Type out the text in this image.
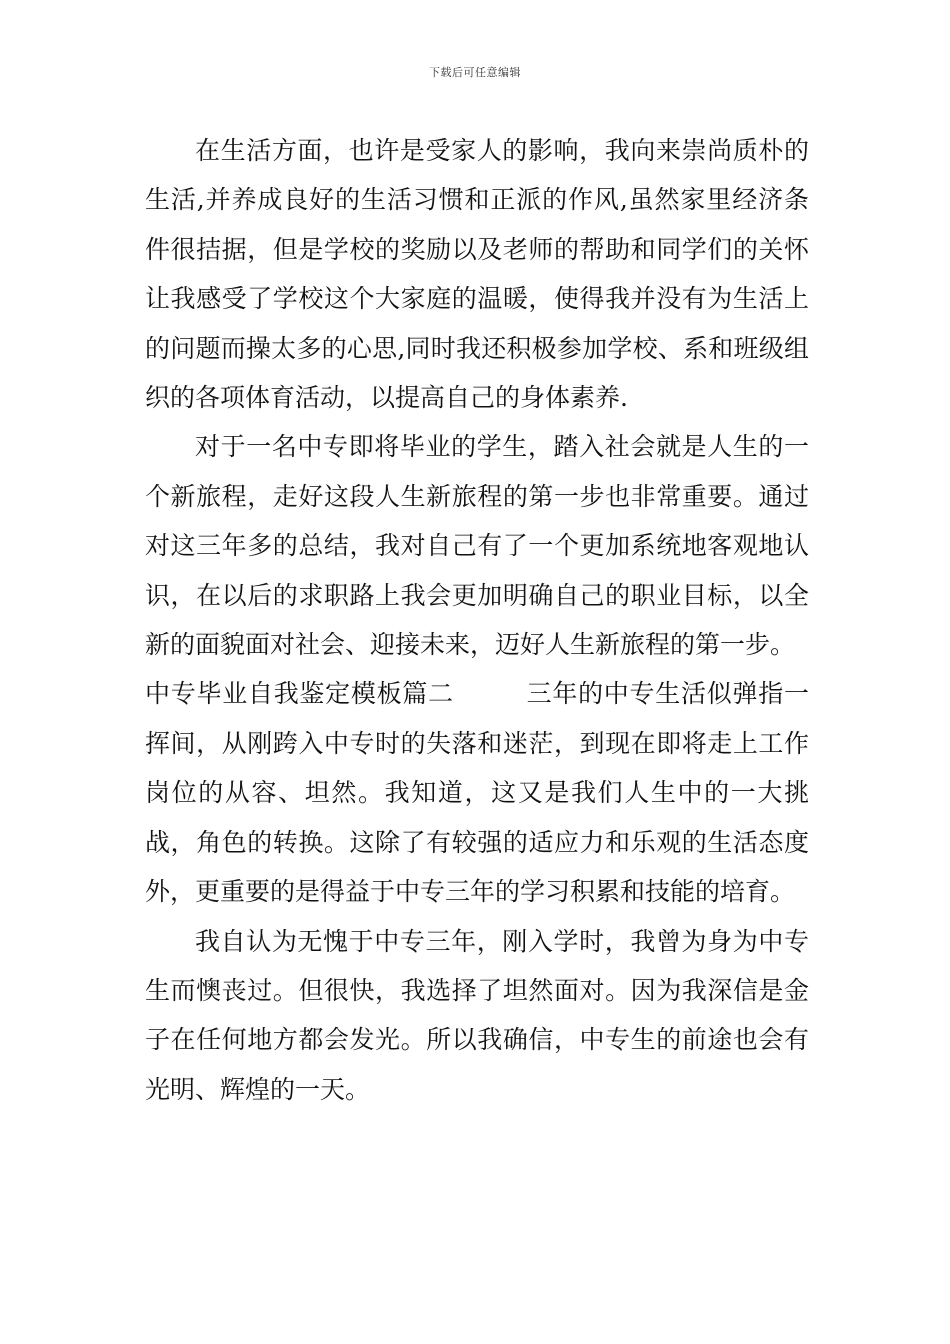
下载后可任意编辑

在生活方面，也许是受家人的影响，我向来崇尚质朴的生活,并养成良好的生活习惯和正派的作风,虽然家里经济条件很拮据，但是学校的奖励以及老师的帮助和同学们的关怀让我感受了学校这个大家庭的温暖，使得我并没有为生活上的问题而操太多的心思,同时我还积极参加学校、系和班级组织的各项体育活动，以提高自己的身体素养.

对于一名中专即将毕业的学生，踏入社会就是人生的一个新旅程，走好这段人生新旅程的第一步也非常重要。通过对这三年多的总结，我对自己有了一个更加系统地客观地认识，在以后的求职路上我会更加明确自己的职业目标，以全新的面貌面对社会、迎接未来，迈好人生新旅程的第一步。

中专毕业自我鉴定模板篇二	三年的中专生活似弹指一挥间，从刚跨入中专时的失落和迷茫，到现在即将走上工作岗位的从容、坦然。我知道，这又是我们人生中的一大挑战，角色的转换。这除了有较强的适应力和乐观的生活态度外，更重要的是得益于中专三年的学习积累和技能的培育。

我自认为无愧于中专三年，刚入学时，我曾为身为中专生而懊丧过。但很快，我选择了坦然面对。因为我深信是金子在任何地方都会发光。所以我确信，中专生的前途也会有光明、辉煌的一天。
